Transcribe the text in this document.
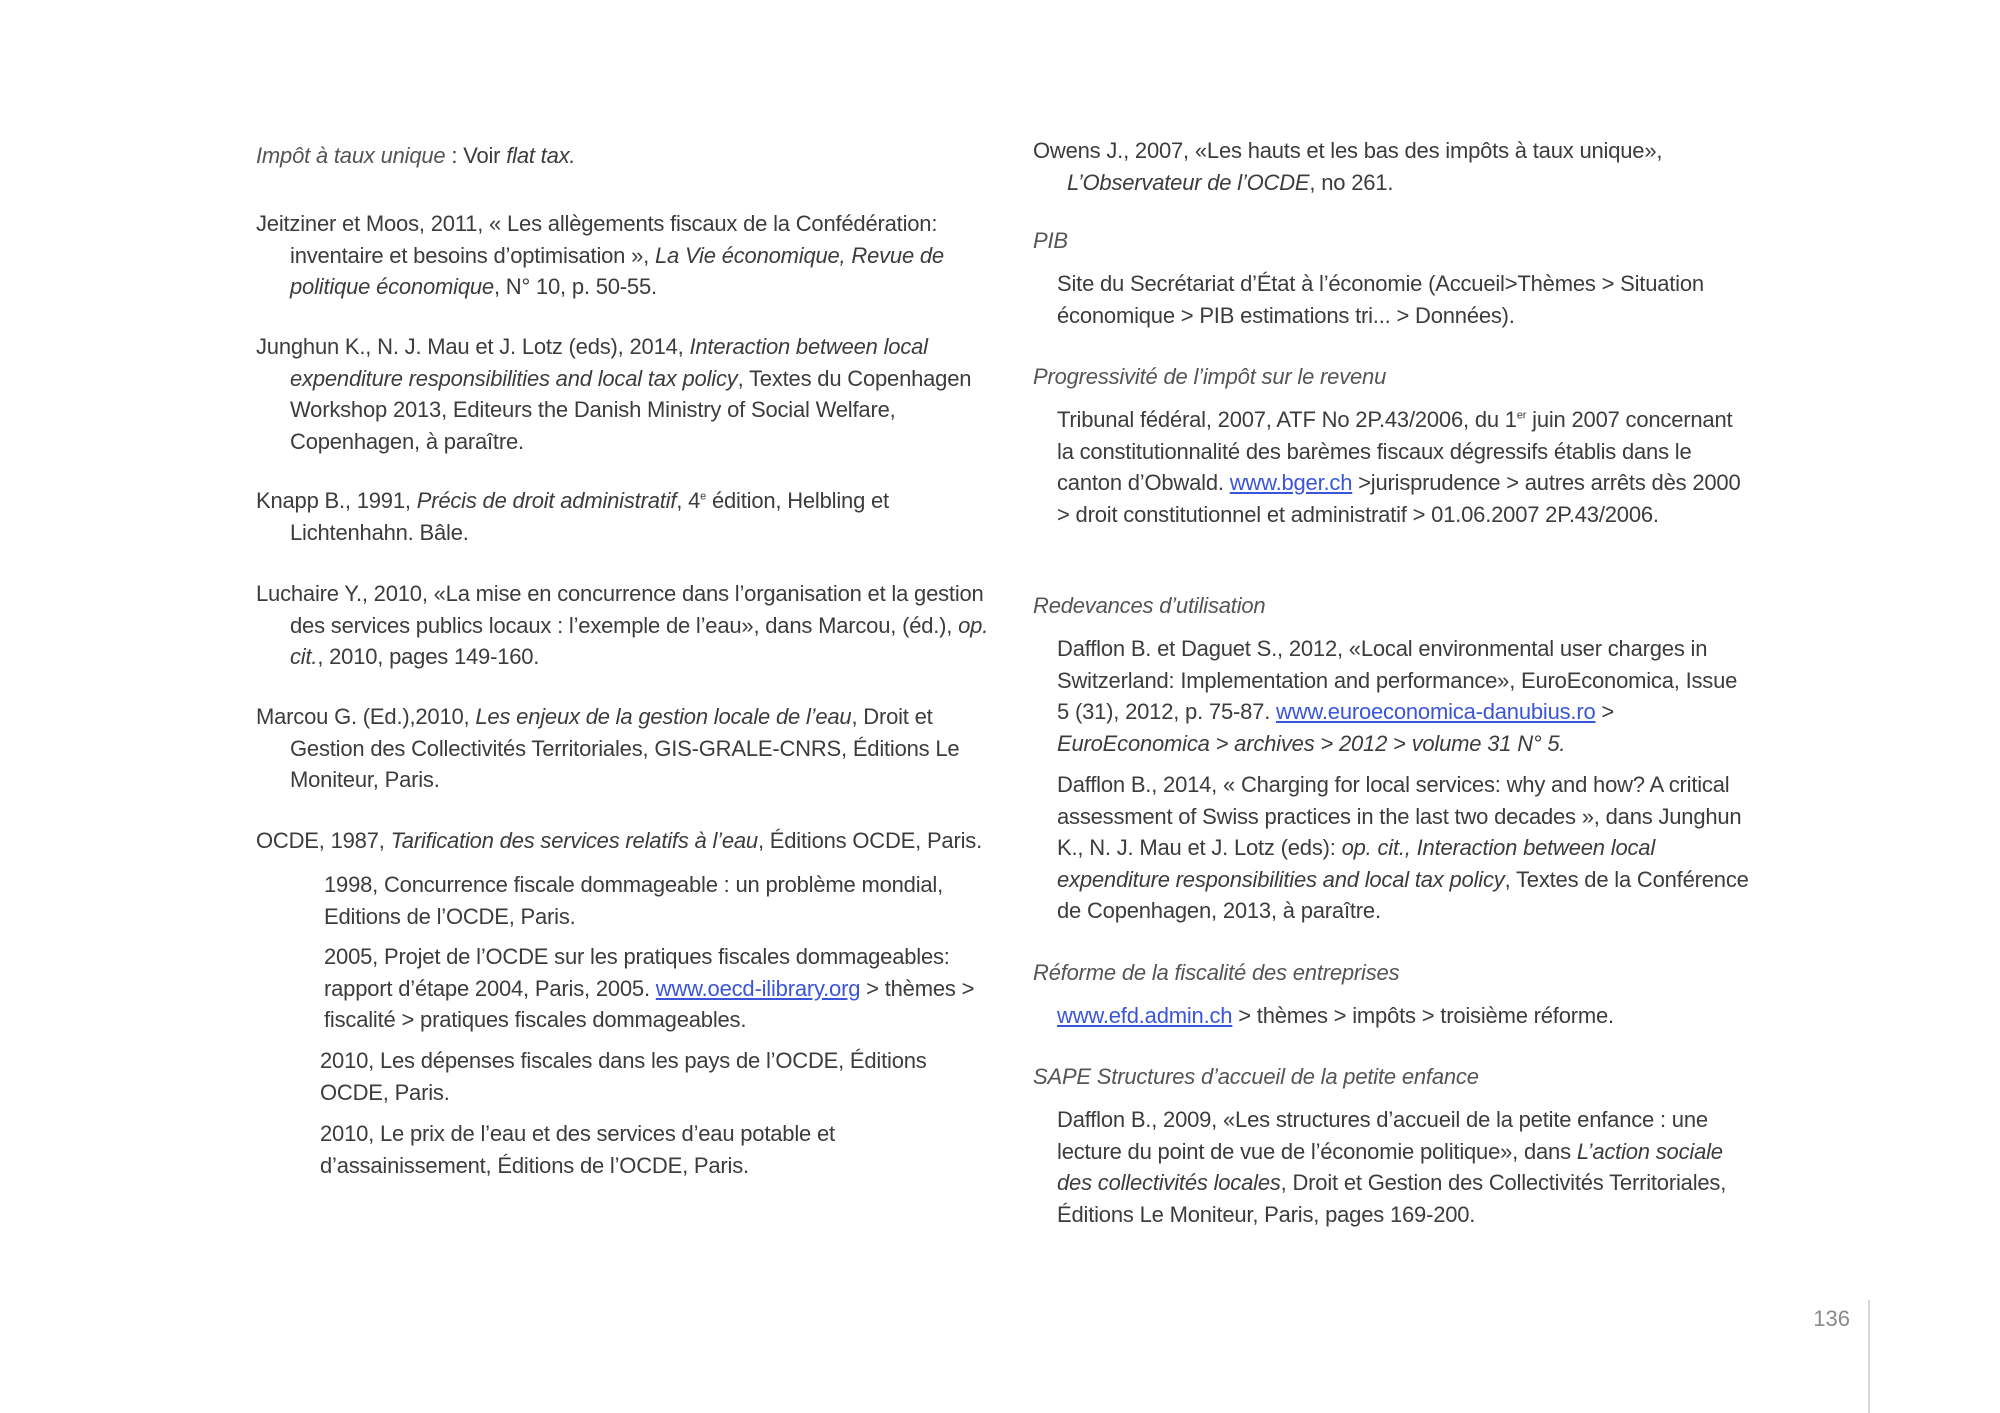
Impôt à taux unique : Voir flat tax.
Jeitziner et Moos, 2011, « Les allègements fiscaux de la Confédération: inventaire et besoins d’optimisation », La Vie économique, Revue de politique économique, N° 10, p. 50-55.
Junghun K., N. J. Mau et J. Lotz (eds), 2014, Interaction between local expenditure responsibilities and local tax policy, Textes du Copenhagen Workshop 2013, Editeurs the Danish Ministry of Social Welfare, Copenhagen, à paraître.
Knapp B., 1991, Précis de droit administratif, 4e édition, Helbling et Lichtenhahn. Bâle.
Luchaire Y., 2010, «La mise en concurrence dans l’organisation et la gestion des services publics locaux : l’exemple de l’eau», dans Marcou, (éd.), op. cit., 2010, pages 149-160.
Marcou G. (Ed.),2010, Les enjeux de la gestion locale de l’eau, Droit et Gestion des Collectivités Territoriales, GIS-GRALE-CNRS, Éditions Le Moniteur, Paris.
OCDE, 1987, Tarification des services relatifs à l’eau, Éditions OCDE, Paris.
1998, Concurrence fiscale dommageable : un problème mondial, Editions de l’OCDE, Paris.
2005, Projet de l’OCDE sur les pratiques fiscales dommageables: rapport d’étape 2004, Paris, 2005. www.oecd-ilibrary.org > thèmes > fiscalité > pratiques fiscales dommageables.
2010, Les dépenses fiscales dans les pays de l’OCDE, Éditions OCDE, Paris.
2010, Le prix de l’eau et des services d’eau potable et d’assainissement, Éditions de l’OCDE, Paris.
Owens J., 2007, «Les hauts et les bas des impôts à taux unique», L’Observateur de l’OCDE, no 261.
PIB
Site du Secrétariat d’État à l’économie (Accueil>Thèmes > Situation économique > PIB estimations tri... > Données).
Progressivité de l’impôt sur le revenu
Tribunal fédéral, 2007, ATF No 2P.43/2006, du 1er juin 2007 concernant la constitutionnalité des barèmes fiscaux dégressifs établis dans le canton d’Obwald. www.bger.ch >jurisprudence > autres arrêts dès 2000 > droit constitutionnel et administratif > 01.06.2007 2P.43/2006.
Redevances d’utilisation
Dafflon B. et Daguet S., 2012, «Local environmental user charges in Switzerland: Implementation and performance», EuroEconomica, Issue 5 (31), 2012, p. 75-87. www.euroeconomica-danubius.ro > EuroEconomica > archives > 2012 > volume 31 N° 5.
Dafflon B., 2014, « Charging for local services: why and how? A critical assessment of Swiss practices in the last two decades », dans Junghun K., N. J. Mau et J. Lotz (eds): op. cit., Interaction between local expenditure responsibilities and local tax policy, Textes de la Conférence de Copenhagen, 2013, à paraître.
Réforme de la fiscalité des entreprises
www.efd.admin.ch > thèmes > impôts > troisième réforme.
SAPE Structures d’accueil de la petite enfance
Dafflon B., 2009, «Les structures d’accueil de la petite enfance : une lecture du point de vue de l’économie politique», dans L’action sociale des collectivités locales, Droit et Gestion des Collectivités Territoriales, Éditions Le Moniteur, Paris, pages 169-200.
136
